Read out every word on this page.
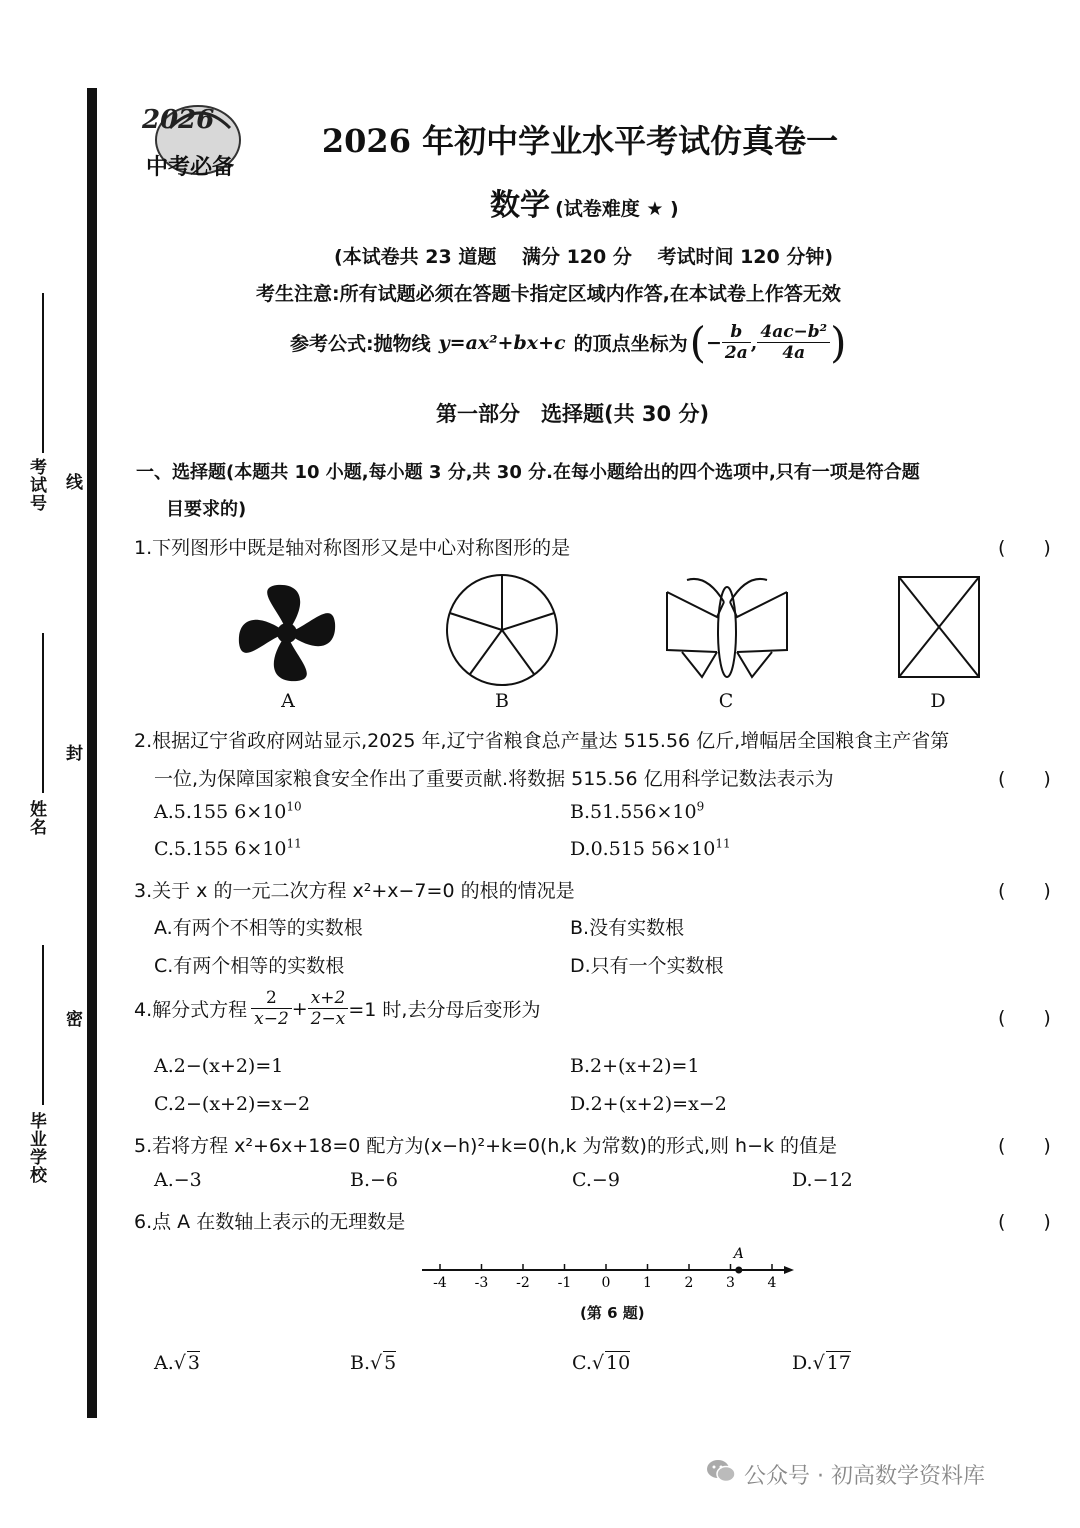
考试号 线
姓名
封
毕业学校
密
2026
中考必备
2026 年初中学业水平考试仿真卷一
数学 (试卷难度 ★ )
(本试卷共 23 道题　 满分 120 分　 考试时间 120 分钟)
考生注意:所有试题必须在答题卡指定区域内作答,在本试卷上作答无效
参考公式:抛物线 y=ax²+bx+c 的顶点坐标为 ( − $\frac{b}{2a}$ , $\frac{\text{4ac−b²}}{4a}$ )
第一部分　选择题(共 30 分)
一、选择题(本题共 10 小题,每小题 3 分,共 30 分.在每小题给出的四个选项中,只有一项是符合题
目要求的)
1.下列图形中既是轴对称图形又是中心对称图形的是	(　　)
A	B	C	D
2.根据辽宁省政府网站显示,2025 年,辽宁省粮食总产量达 515.56 亿斤,增幅居全国粮食主产省第
一位,为保障国家粮食安全作出了重要贡献.将数据 515.56 亿用科学记数法表示为	(　　)
A.5.155 $6\times 10^{10}$	$B.51.556\times 10^9$
C.5.155 $6\times 10^{11}$	D.0.515 $56\times 10^{11}$
3.关于 x 的一元二次方程 x²+x−7=0 的根的情况是	(　　)
A.有两个不相等的实数根	B.没有实数根
C.有两个相等的实数根	D.只有一个实数根
4.解分式方程 $\frac{2}{x-2} + \frac{x+2}{2-x} =1$ 时,去分母后变形为	(　　)
A.2−(x+2)=1	B.2+(x+2)=1
C.2−(x+2)=x−2	D.2+(x+2)=x−2
5.若将方程 x²+6x+18=0 配方为(x−h)²+k=0(h,k 为常数)的形式,则 h−k 的值是	(　　)
A.−3	B.−6	C.−9	D.−12
6.点 A 在数轴上表示的无理数是	(　　)
-4 -3 -2 -1 0 1 2 3 4
A
(第 6 题)
A.√ 3	B.√ 5	C.√ 10	D.√ 17
公众号 · 初高数学资料库
